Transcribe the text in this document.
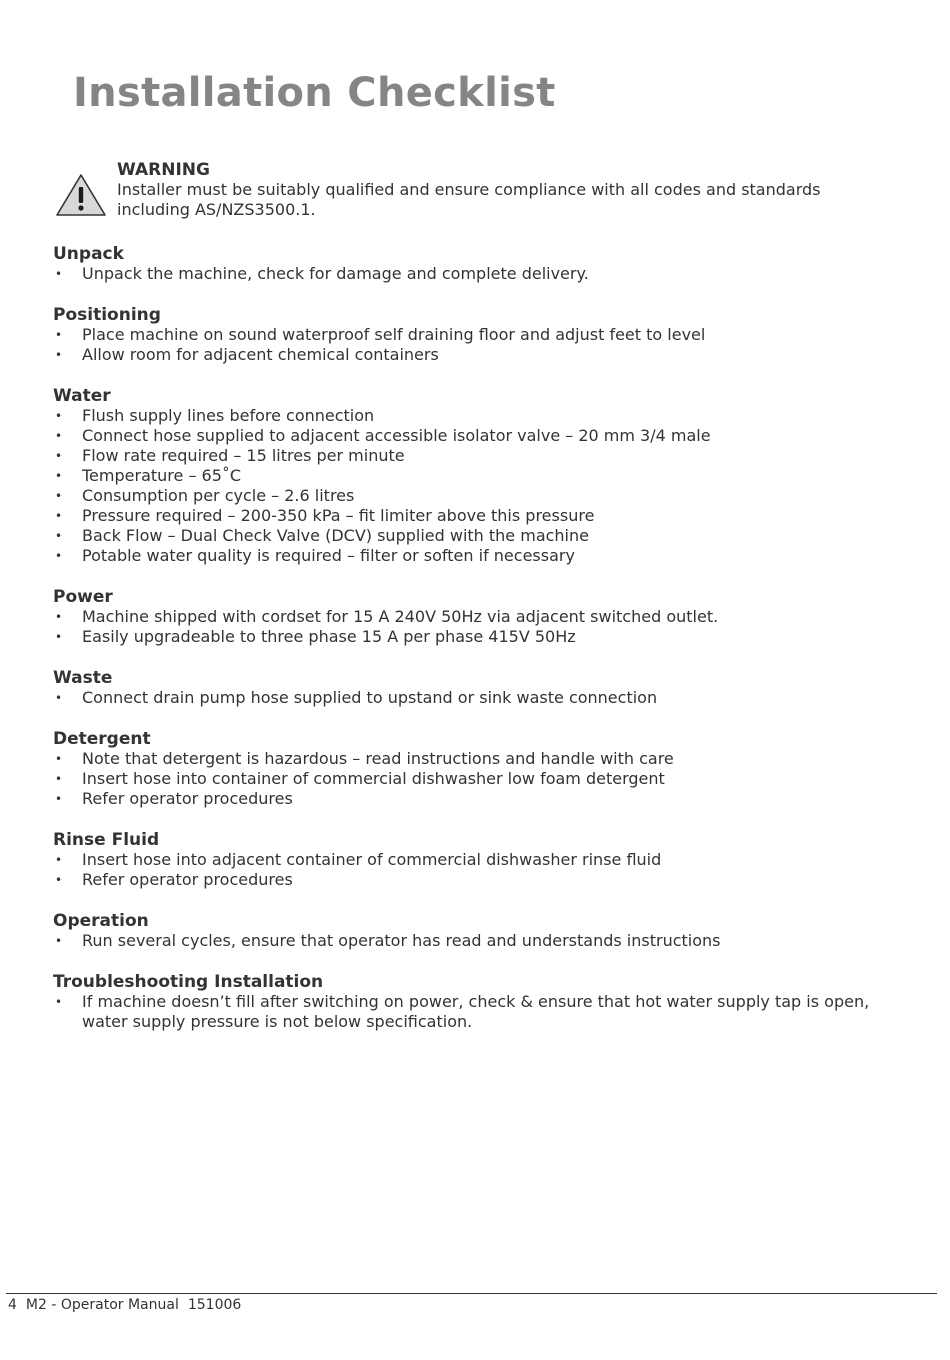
Installation Checklist
WARNING
Installer must be suitably qualified and ensure compliance with all codes and standards including AS/NZS3500.1.
Unpack
• Unpack the machine, check for damage and complete delivery.
Positioning
• Place machine on sound waterproof self draining floor and adjust feet to level
• Allow room for adjacent chemical containers
Water
• Flush supply lines before connection
• Connect hose supplied to adjacent accessible isolator valve – 20 mm 3/4 male
• Flow rate required – 15 litres per minute
• Temperature – 65˚C
• Consumption per cycle – 2.6 litres
• Pressure required – 200-350 kPa – fit limiter above this pressure
• Back Flow – Dual Check Valve (DCV) supplied with the machine
• Potable water quality is required – filter or soften if necessary
Power
• Machine shipped with cordset for 15 A 240V 50Hz via adjacent switched outlet.
• Easily upgradeable to three phase 15 A per phase 415V 50Hz
Waste
• Connect drain pump hose supplied to upstand or sink waste connection
Detergent
• Note that detergent is hazardous – read instructions and handle with care
• Insert hose into container of commercial dishwasher low foam detergent
• Refer operator procedures
Rinse Fluid
• Insert hose into adjacent container of commercial dishwasher rinse fluid
• Refer operator procedures
Operation
• Run several cycles, ensure that operator has read and understands instructions
Troubleshooting Installation
• If machine doesn’t fill after switching on power, check & ensure that hot water supply tap is open, water supply pressure is not below specification.
4 M2 - Operator Manual 151006
